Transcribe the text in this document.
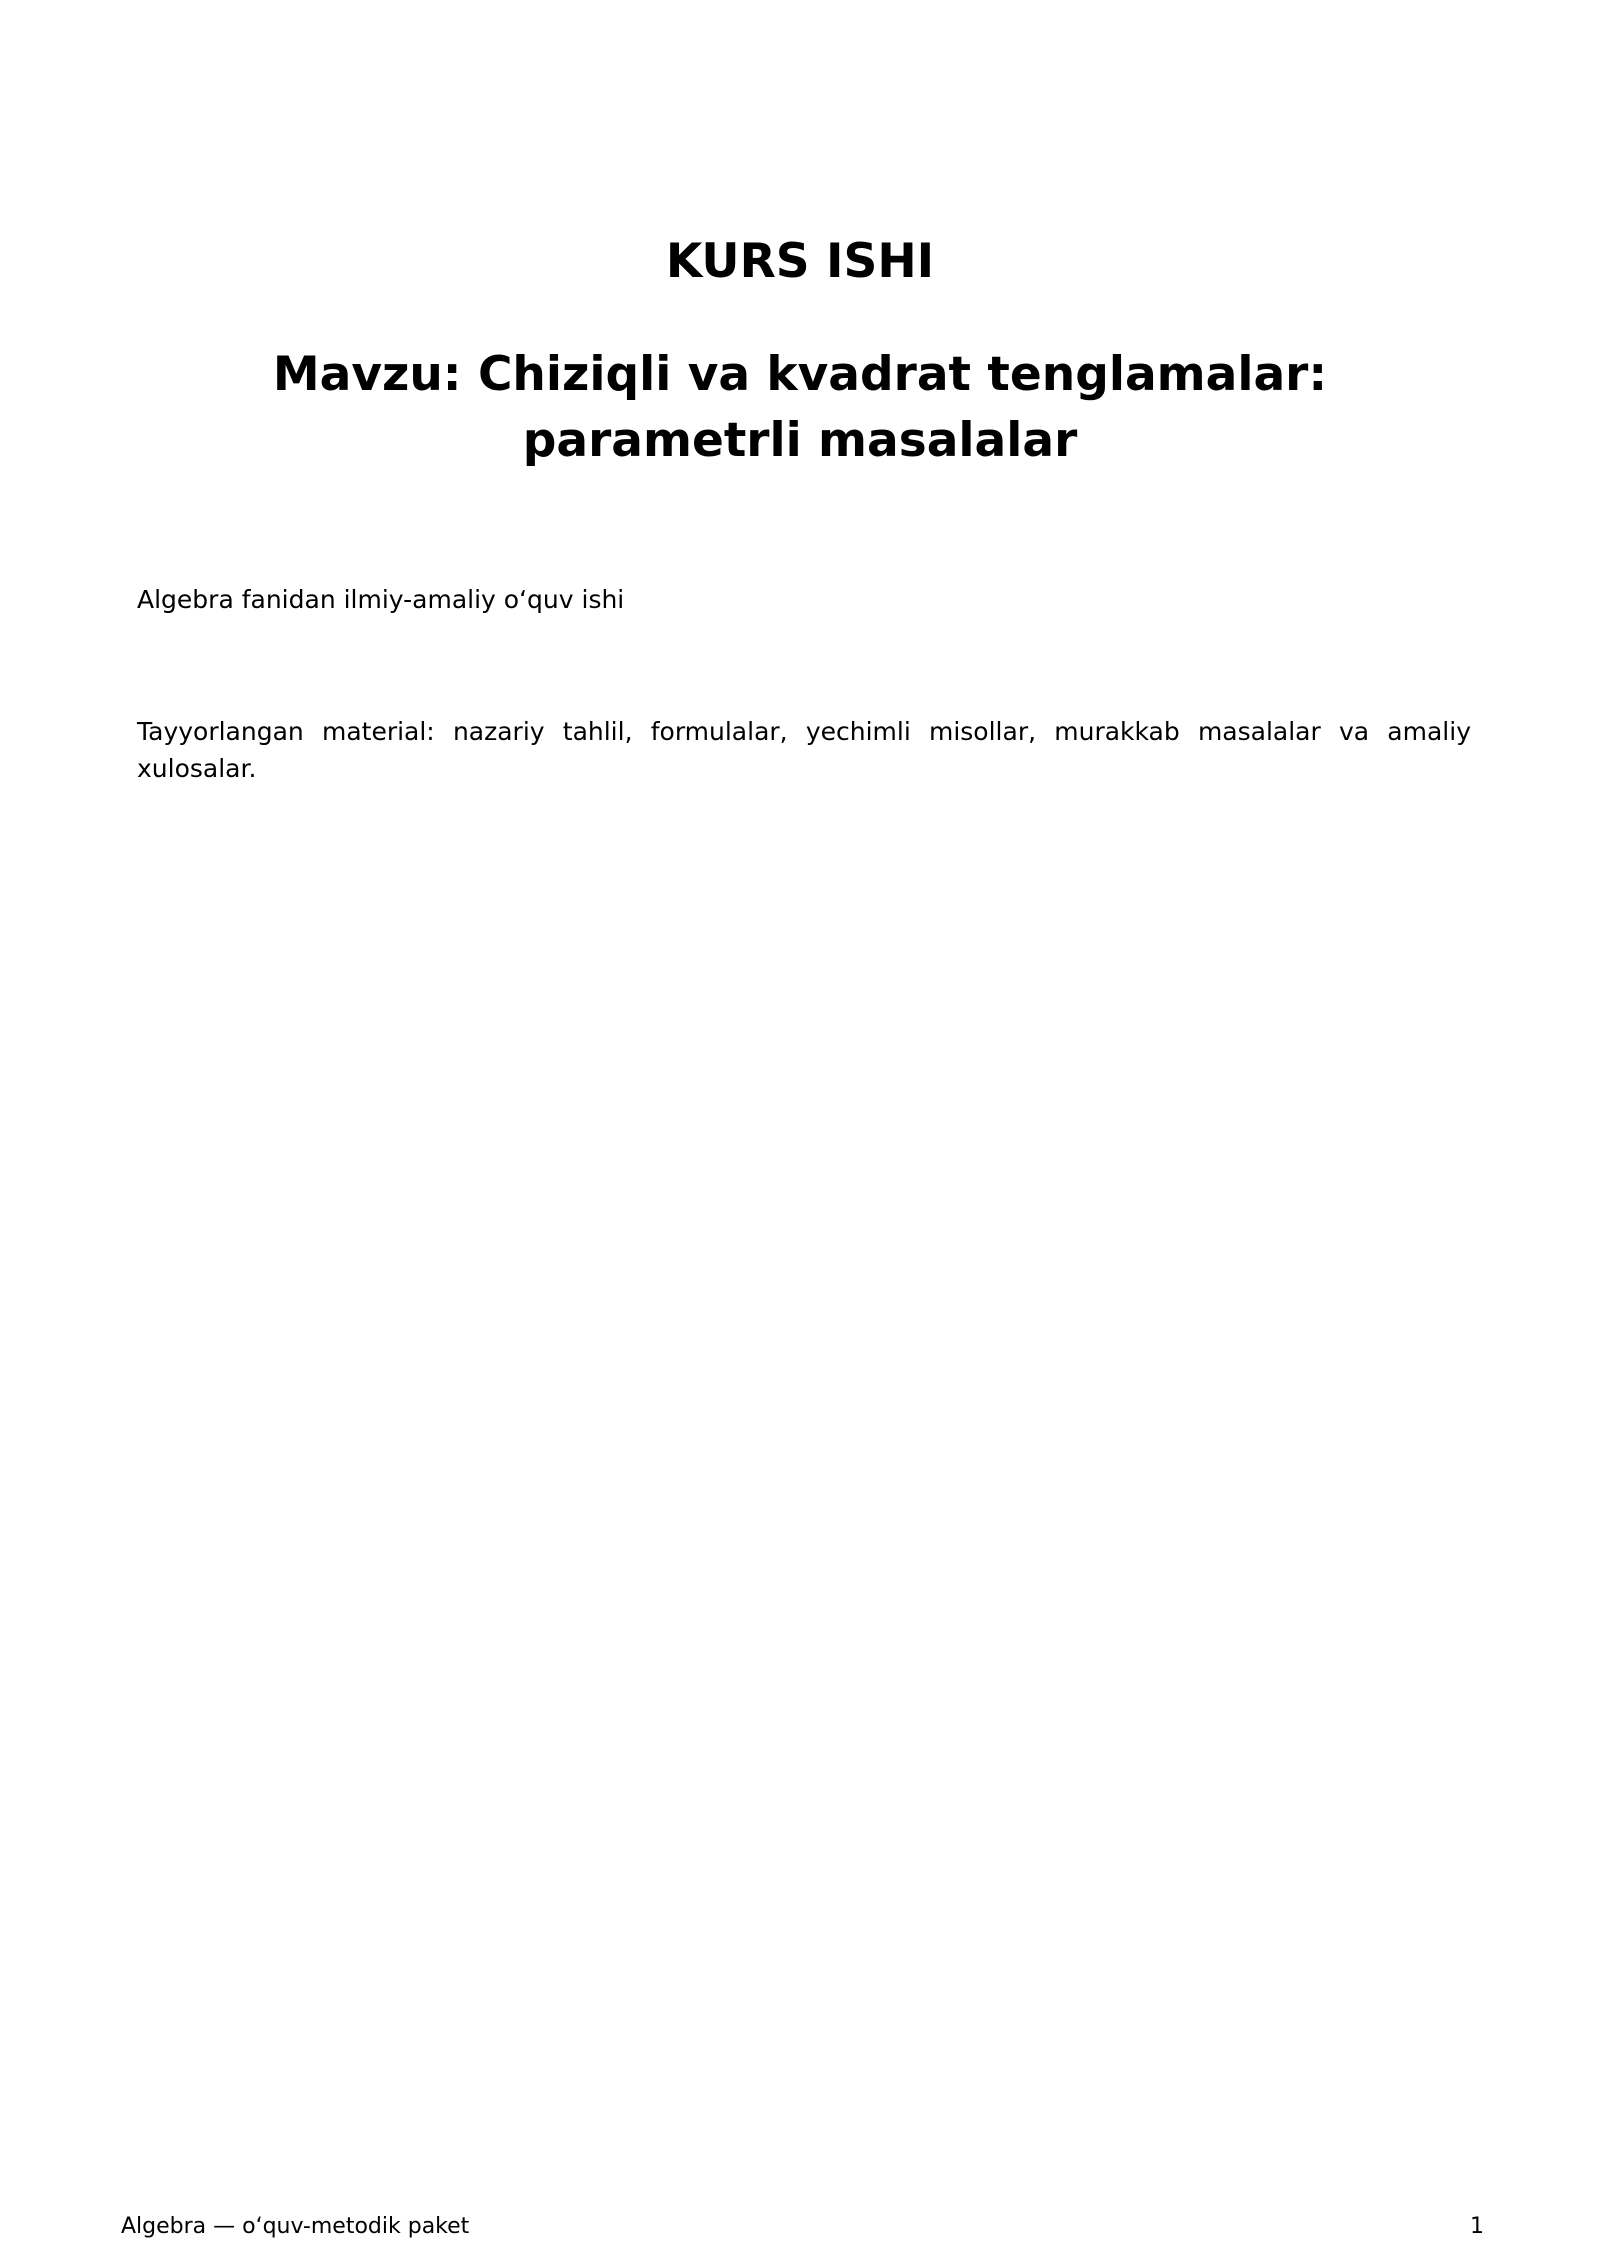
KURS ISHI
Mavzu: Chiziqli va kvadrat tenglamalar: parametrli masalalar

Algebra fanidan ilmiy-amaliy o‘quv ishi

Tayyorlangan material: nazariy tahlil, formulalar, yechimli misollar, murakkab masalalar va amaliy xulosalar.

Algebra — o‘quv-metodik paket	1
